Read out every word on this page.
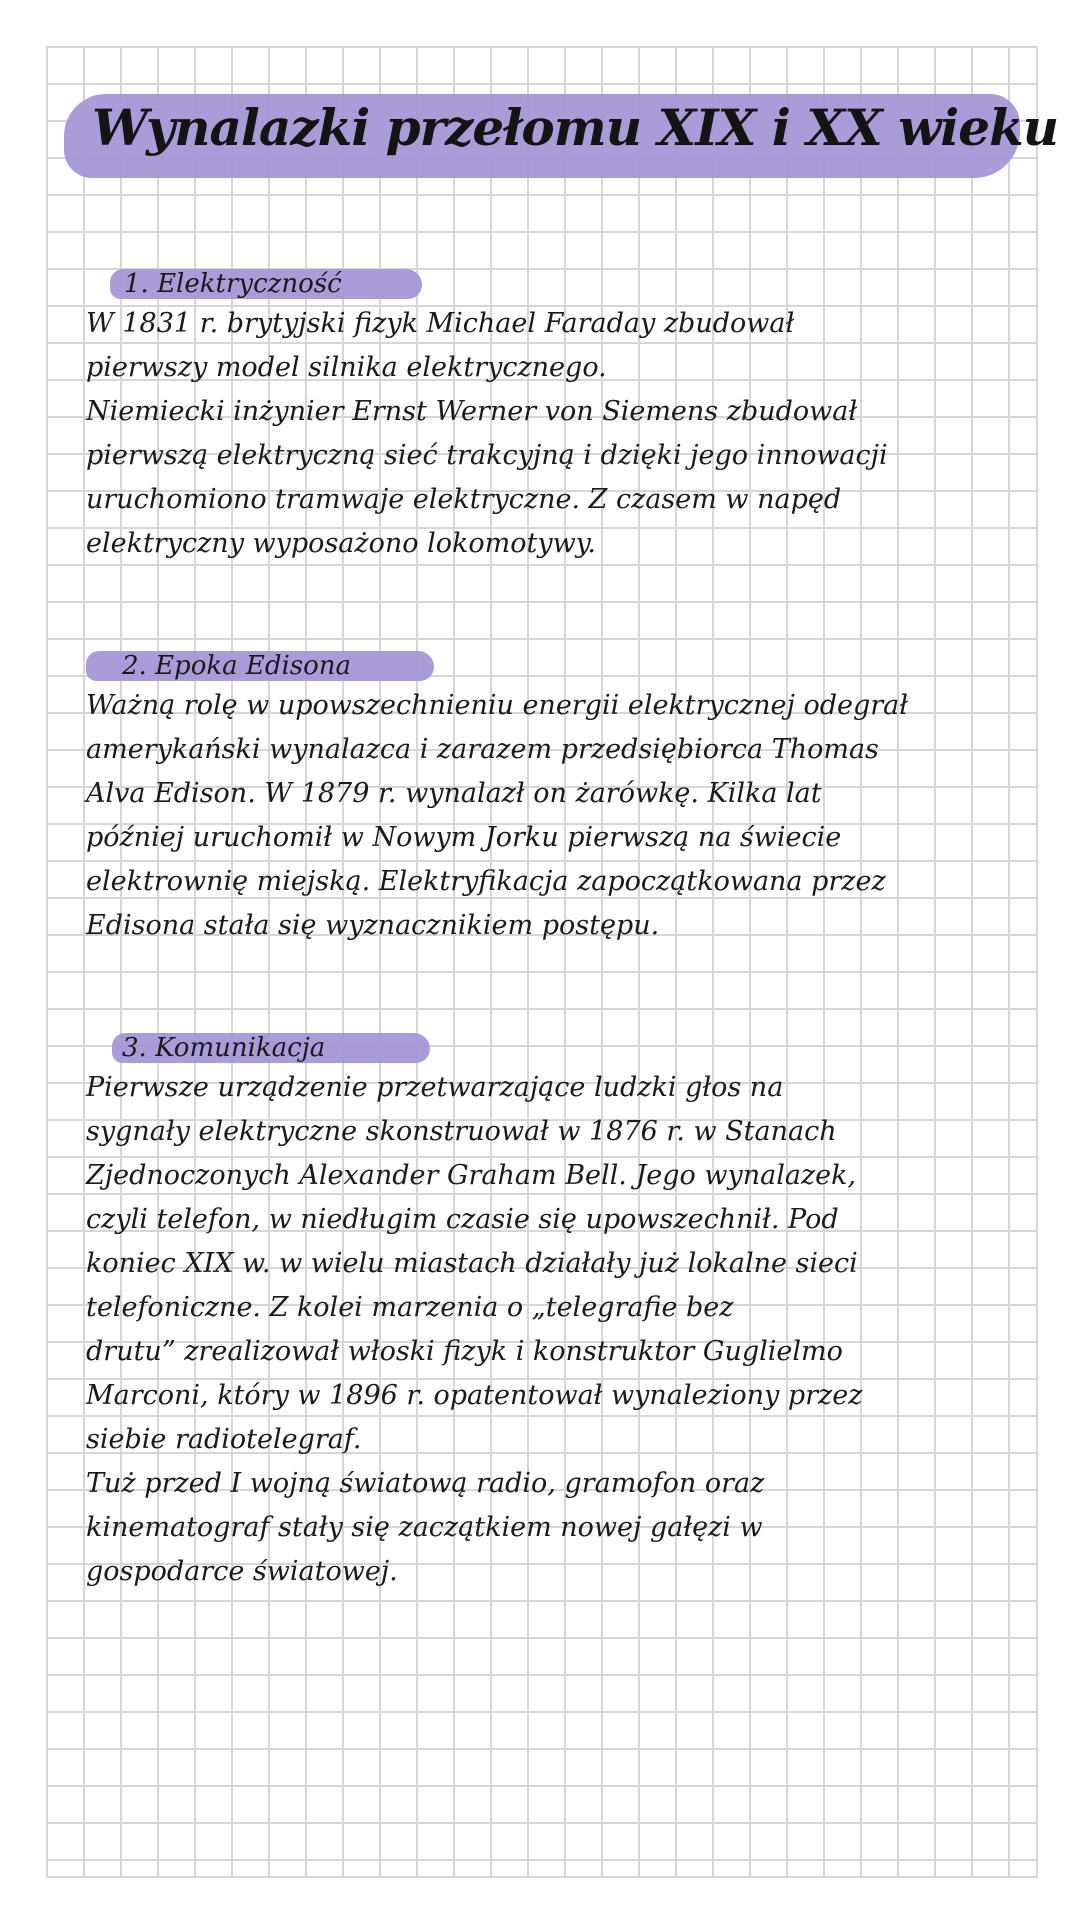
Wynalazki przełomu XIX i XX wieku
1. Elektryczność
W 1831 r. brytyjski fizyk Michael Faraday zbudował
pierwszy model silnika elektrycznego.
Niemiecki inżynier Ernst Werner von Siemens zbudował
pierwszą elektryczną sieć trakcyjną i dzięki jego innowacji
uruchomiono tramwaje elektryczne. Z czasem w napęd
elektryczny wyposażono lokomotywy.
2. Epoka Edisona
Ważną rolę w upowszechnieniu energii elektrycznej odegrał
amerykański wynalazca i zarazem przedsiębiorca Thomas
Alva Edison. W 1879 r. wynalazł on żarówkę. Kilka lat
później uruchomił w Nowym Jorku pierwszą na świecie
elektrownię miejską. Elektryfikacja zapoczątkowana przez
Edisona stała się wyznacznikiem postępu.
3. Komunikacja
Pierwsze urządzenie przetwarzające ludzki głos na
sygnały elektryczne skonstruował w 1876 r. w Stanach
Zjednoczonych Alexander Graham Bell. Jego wynalazek,
czyli telefon, w niedługim czasie się upowszechnił. Pod
koniec XIX w. w wielu miastach działały już lokalne sieci
telefoniczne. Z kolei marzenia o „telegrafie bez
drutu” zrealizował włoski fizyk i konstruktor Guglielmo
Marconi, który w 1896 r. opatentował wynaleziony przez
siebie radiotelegraf.
Tuż przed I wojną światową radio, gramofon oraz
kinematograf stały się zaczątkiem nowej gałęzi w
gospodarce światowej.
